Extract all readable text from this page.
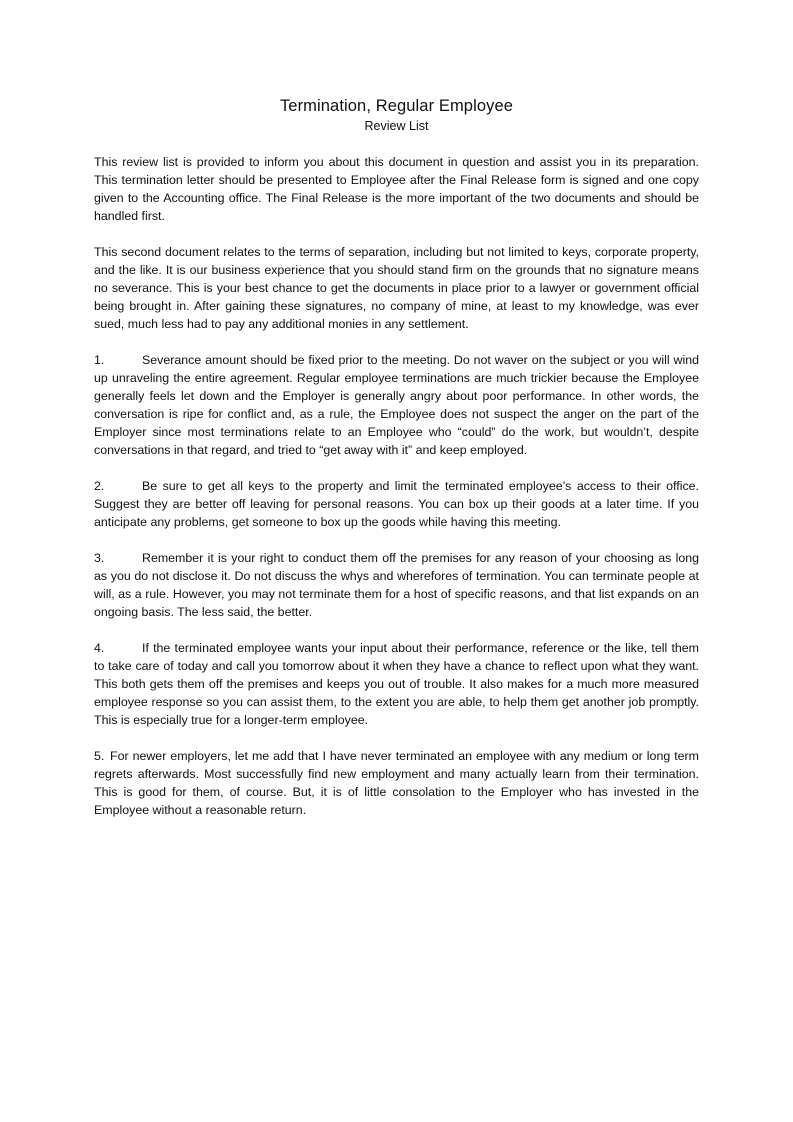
Termination, Regular Employee

Review List

This review list is provided to inform you about this document in question and assist you in its preparation. This termination letter should be presented to Employee after the Final Release form is signed and one copy given to the Accounting office. The Final Release is the more important of the two documents and should be handled first.

This second document relates to the terms of separation, including but not limited to keys, corporate property, and the like. It is our business experience that you should stand firm on the grounds that no signature means no severance. This is your best chance to get the documents in place prior to a lawyer or government official being brought in. After gaining these signatures, no company of mine, at least to my knowledge, was ever sued, much less had to pay any additional monies in any settlement.

1.	Severance amount should be fixed prior to the meeting. Do not waver on the subject or you will wind up unraveling the entire agreement. Regular employee terminations are much trickier because the Employee generally feels let down and the Employer is generally angry about poor performance. In other words, the conversation is ripe for conflict and, as a rule, the Employee does not suspect the anger on the part of the Employer since most terminations relate to an Employee who “could” do the work, but wouldn’t, despite conversations in that regard, and tried to “get away with it” and keep employed.

2.	Be sure to get all keys to the property and limit the terminated employee’s access to their office. Suggest they are better off leaving for personal reasons. You can box up their goods at a later time. If you anticipate any problems, get someone to box up the goods while having this meeting.

3.	Remember it is your right to conduct them off the premises for any reason of your choosing as long as you do not disclose it. Do not discuss the whys and wherefores of termination. You can terminate people at will, as a rule. However, you may not terminate them for a host of specific reasons, and that list expands on an ongoing basis. The less said, the better.

4.	If the terminated employee wants your input about their performance, reference or the like, tell them to take care of today and call you tomorrow about it when they have a chance to reflect upon what they want. This both gets them off the premises and keeps you out of trouble. It also makes for a much more measured employee response so you can assist them, to the extent you are able, to help them get another job promptly. This is especially true for a longer-term employee.

5. For newer employers, let me add that I have never terminated an employee with any medium or long term regrets afterwards. Most successfully find new employment and many actually learn from their termination. This is good for them, of course. But, it is of little consolation to the Employer who has invested in the Employee without a reasonable return.
